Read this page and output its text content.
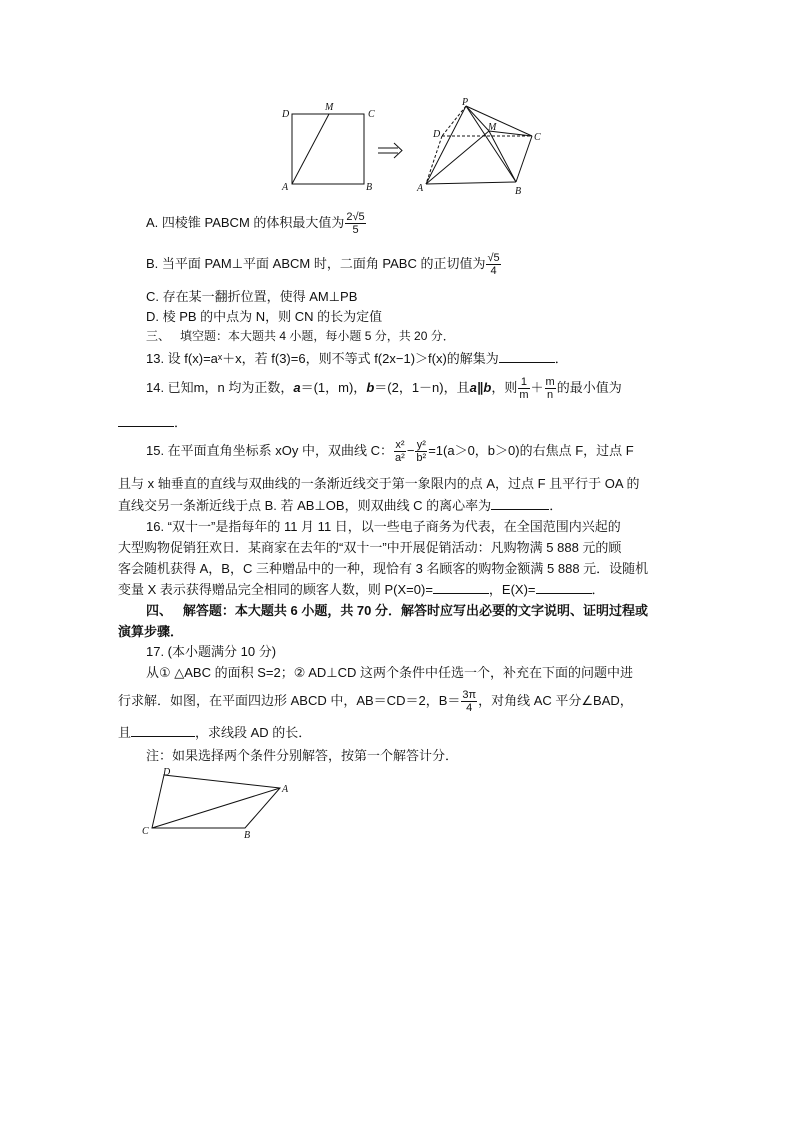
D
M
C
A	B
P
D
M
C
A	B
A. 四棱锥 PABCM 的体积最大值为 $\frac{2√5}{5}$
B. 当平面 PAM⊥平面 ABCM 时，二面角 PABC 的正切值为 $\frac{√5}{4}$
C. 存在某一翻折位置，使得 AM⊥PB
D. 棱 PB 的中点为 N，则 CN 的长为定值
三、 填空题：本大题共 4 小题，每小题 5 分，共 20 分．
13. 设 f(x)=aˣ＋x，若 f(3)=6，则不等式 f(2x−1)＞f(x)的解集为	．
14. 已知m，n 均为正数，a＝(1，m)，b＝(2，1－n)，且a∥b，则 $\frac{1}{m} + \frac{m}{n}$ 的最小值为
．
15. 在平面直角坐标系 xOy 中，双曲线 C： $\frac{\text{x²}}{\text{a²}} - \frac{\text{y²}}{\text{b²}} =1(a>0$，b＞0)的右焦点 F，过点 F
且与 x 轴垂直的直线与双曲线的一条渐近线交于第一象限内的点 A，过点 F 且平行于 OA 的
直线交另一条渐近线于点 B. 若 AB⊥OB，则双曲线 C 的离心率为	．
16. “双十一”是指每年的 11 月 11 日，以一些电子商务为代表，在全国范围内兴起的
大型购物促销狂欢日．某商家在去年的“双十一”中开展促销活动：凡购物满 5 888 元的顾
客会随机获得 A，B，C 三种赠品中的一种，现恰有 3 名顾客的购物金额满 5 888 元．设随机
变量 X 表示获得赠品完全相同的顾客人数，则 P(X=0)=	，E(X)=	．
四、 解答题：本大题共 6 小题，共 70 分．解答时应写出必要的文字说明、证明过程或
演算步骤．
17. (本小题满分 10 分)
从① △ABC 的面积 S=2；② AD⊥CD 这两个条件中任选一个，补充在下面的问题中进
行求解．如图，在平面四边形 ABCD 中，AB＝CD＝2，$B= \frac{3\pi}{4}$ ，对角线 AC 平分∠BAD，
且	，求线段 AD 的长．
注：如果选择两个条件分别解答，按第一个解答计分．
D
A
C	B
